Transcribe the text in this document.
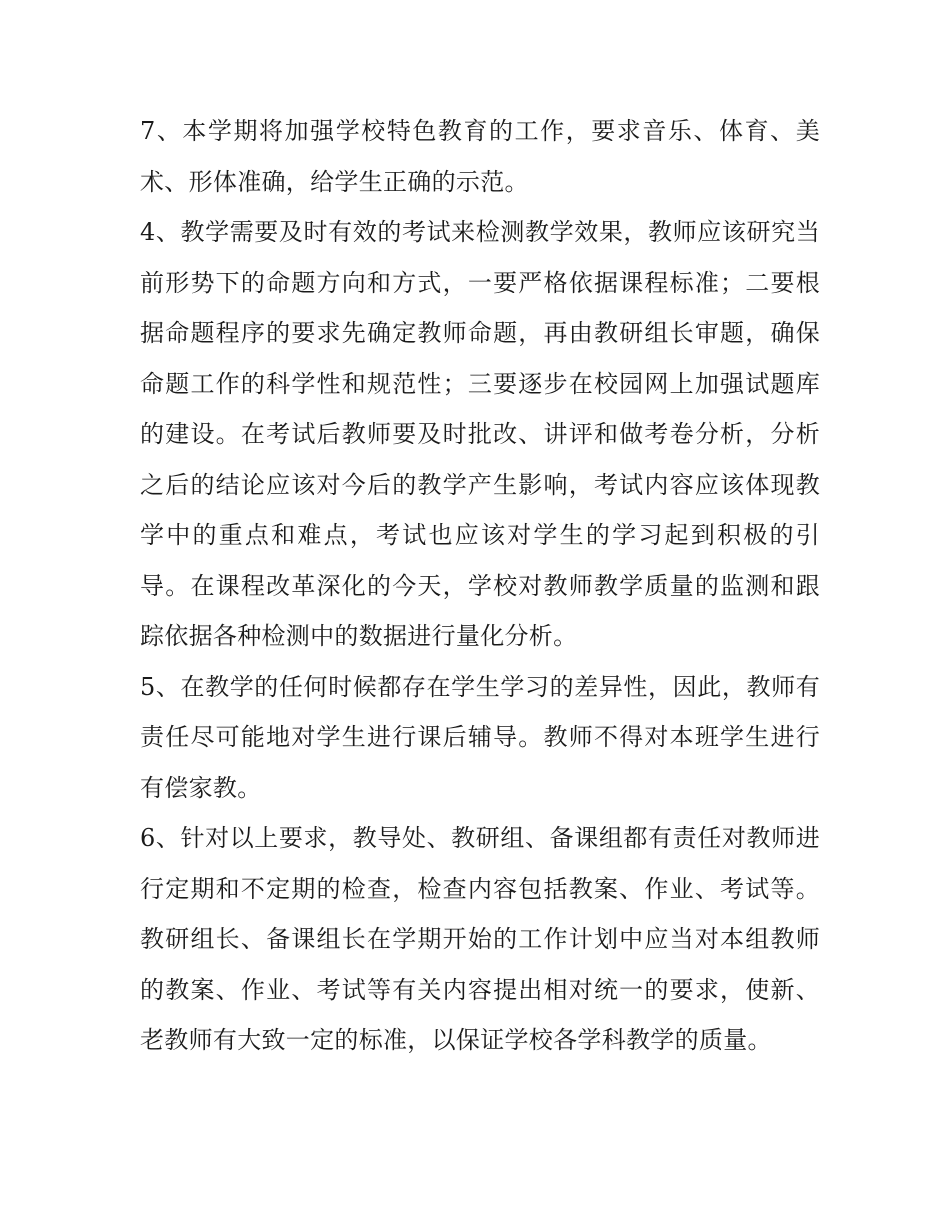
7、本学期将加强学校特色教育的工作，要求音乐、体育、美术、形体准确，给学生正确的示范。

4、教学需要及时有效的考试来检测教学效果，教师应该研究当前形势下的命题方向和方式，一要严格依据课程标准；二要根据命题程序的要求先确定教师命题，再由教研组长审题，确保命题工作的科学性和规范性；三要逐步在校园网上加强试题库的建设。在考试后教师要及时批改、讲评和做考卷分析，分析之后的结论应该对今后的教学产生影响，考试内容应该体现教学中的重点和难点，考试也应该对学生的学习起到积极的引导。在课程改革深化的今天，学校对教师教学质量的监测和跟踪依据各种检测中的数据进行量化分析。

5、在教学的任何时候都存在学生学习的差异性，因此，教师有责任尽可能地对学生进行课后辅导。教师不得对本班学生进行有偿家教。

6、针对以上要求，教导处、教研组、备课组都有责任对教师进行定期和不定期的检查，检查内容包括教案、作业、考试等。教研组长、备课组长在学期开始的工作计划中应当对本组教师的教案、作业、考试等有关内容提出相对统一的要求，使新、老教师有大致一定的标准，以保证学校各学科教学的质量。
